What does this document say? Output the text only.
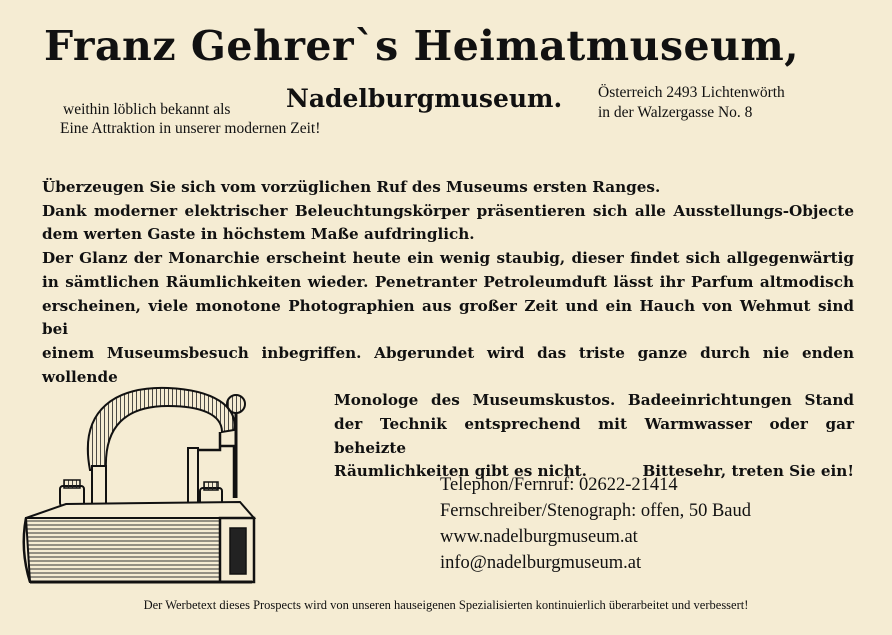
Franz Gehrer`s Heimatmuseum,
weithin löblich bekannt als
Eine Attraktion in unserer modernen Zeit!
Nadelburgmuseum. Österreich 2493 Lichtenwörth
in der Walzergasse No. 8
Überzeugen Sie sich vom vorzüglichen Ruf des Museums ersten Ranges.
Dank moderner elektrischer Beleuchtungskörper präsentieren sich alle Ausstellungs-Objecte
dem werten Gaste in höchstem Maße aufdringlich.
Der Glanz der Monarchie erscheint heute ein wenig staubig, dieser findet sich allgegenwärtig
in sämtlichen Räumlichkeiten wieder. Penetranter Petroleumduft lässt ihr Parfum altmodisch
erscheinen, viele monotone Photographien aus großer Zeit und ein Hauch von Wehmut sind bei
einem Museumsbesuch inbegriffen. Abgerundet wird das triste ganze durch nie enden wollende
Monologe des Museumskustos. Badeeinrichtungen Stand
der Technik entsprechend mit Warmwasser oder gar beheizte
Räumlichkeiten gibt es nicht.	Bittesehr, treten Sie ein!
Telephon/Fernruf: 02622-21414
Fernschreiber/Stenograph: offen, 50 Baud
www.nadelburgmuseum.at
info@nadelburgmuseum.at
Der Werbetext dieses Prospects wird von unseren hauseigenen Spezialisierten kontinuierlich überarbeitet und verbessert!
